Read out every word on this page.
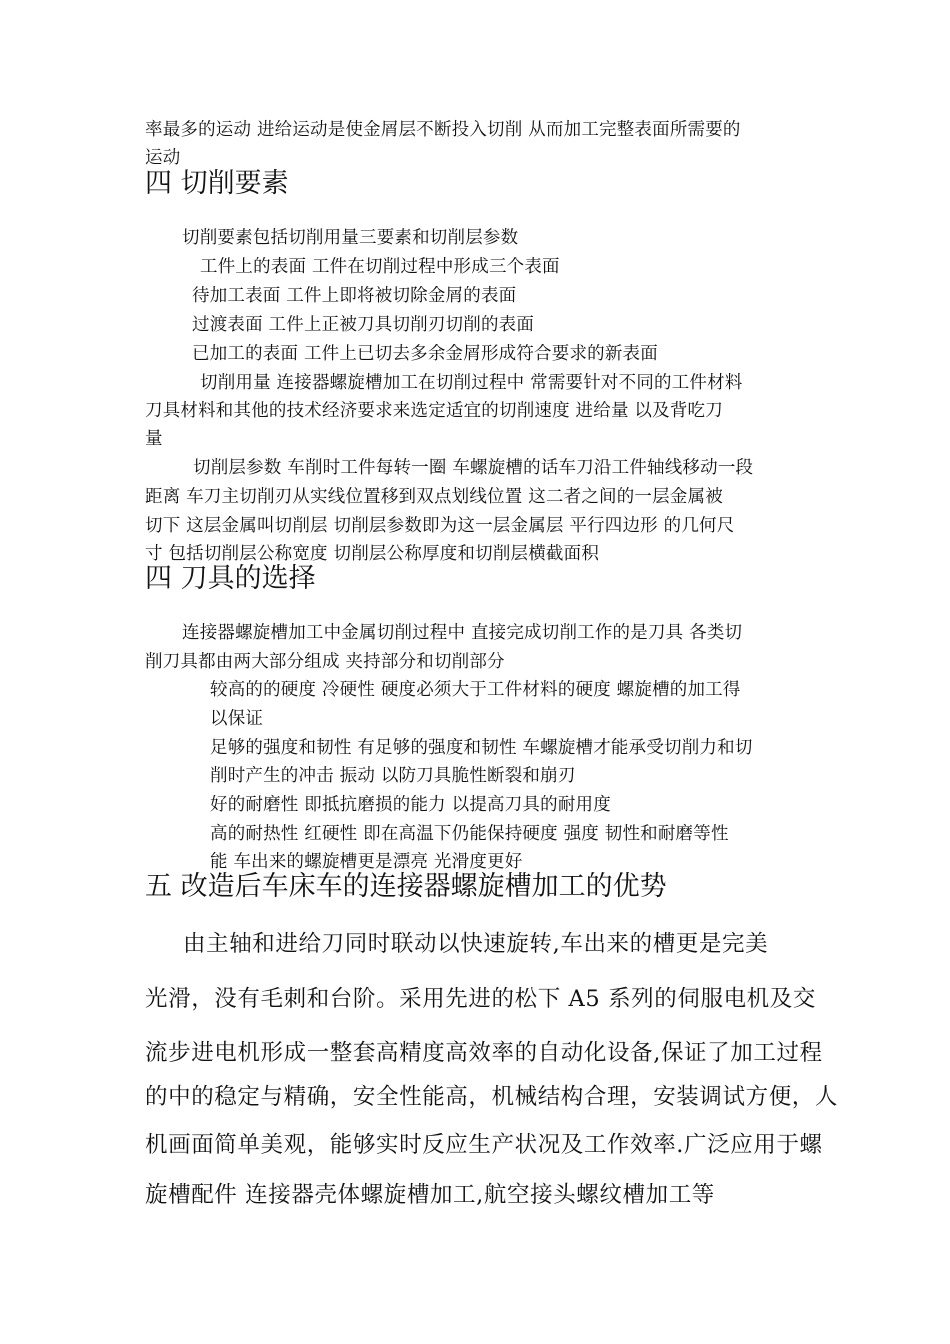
率最多的运动 进给运动是使金屑层不断投入切削 从而加工完整表面所需要的
运动
四 切削要素
切削要素包括切削用量三要素和切削层参数
工件上的表面 工件在切削过程中形成三个表面
待加工表面 工件上即将被切除金屑的表面
过渡表面 工件上正被刀具切削刃切削的表面
已加工的表面 工件上已切去多余金屑形成符合要求的新表面
切削用量 连接器螺旋槽加工在切削过程中 常需要针对不同的工件材料
刀具材料和其他的技术经济要求来选定适宜的切削速度 进给量 以及背吃刀
量
切削层参数 车削时工件每转一圈 车螺旋槽的话车刀沿工件轴线移动一段
距离 车刀主切削刃从实线位置移到双点划线位置 这二者之间的一层金属被
切下 这层金属叫切削层 切削层参数即为这一层金属层 平行四边形 的几何尺
寸 包括切削层公称宽度 切削层公称厚度和切削层横截面积
四 刀具的选择
连接器螺旋槽加工中金属切削过程中 直接完成切削工作的是刀具 各类切
削刀具都由两大部分组成 夹持部分和切削部分
较高的的硬度 冷硬性 硬度必须大于工件材料的硬度 螺旋槽的加工得
以保证
足够的强度和韧性 有足够的强度和韧性 车螺旋槽才能承受切削力和切
削时产生的冲击 振动 以防刀具脆性断裂和崩刃
好的耐磨性 即抵抗磨损的能力 以提高刀具的耐用度
高的耐热性 红硬性 即在高温下仍能保持硬度 强度 韧性和耐磨等性
能 车出来的螺旋槽更是漂亮 光滑度更好
五 改造后车床车的连接器螺旋槽加工的优势
由主轴和进给刀同时联动以快速旋转,车出来的槽更是完美
光滑，没有毛刺和台阶。采用先进的松下 A5 系列的伺服电机及交
流步进电机形成一整套高精度高效率的自动化设备,保证了加工过程
的中的稳定与精确，安全性能高，机械结构合理，安装调试方便，人
机画面简单美观，能够实时反应生产状况及工作效率.广泛应用于螺
旋槽配件 连接器壳体螺旋槽加工,航空接头螺纹槽加工等
